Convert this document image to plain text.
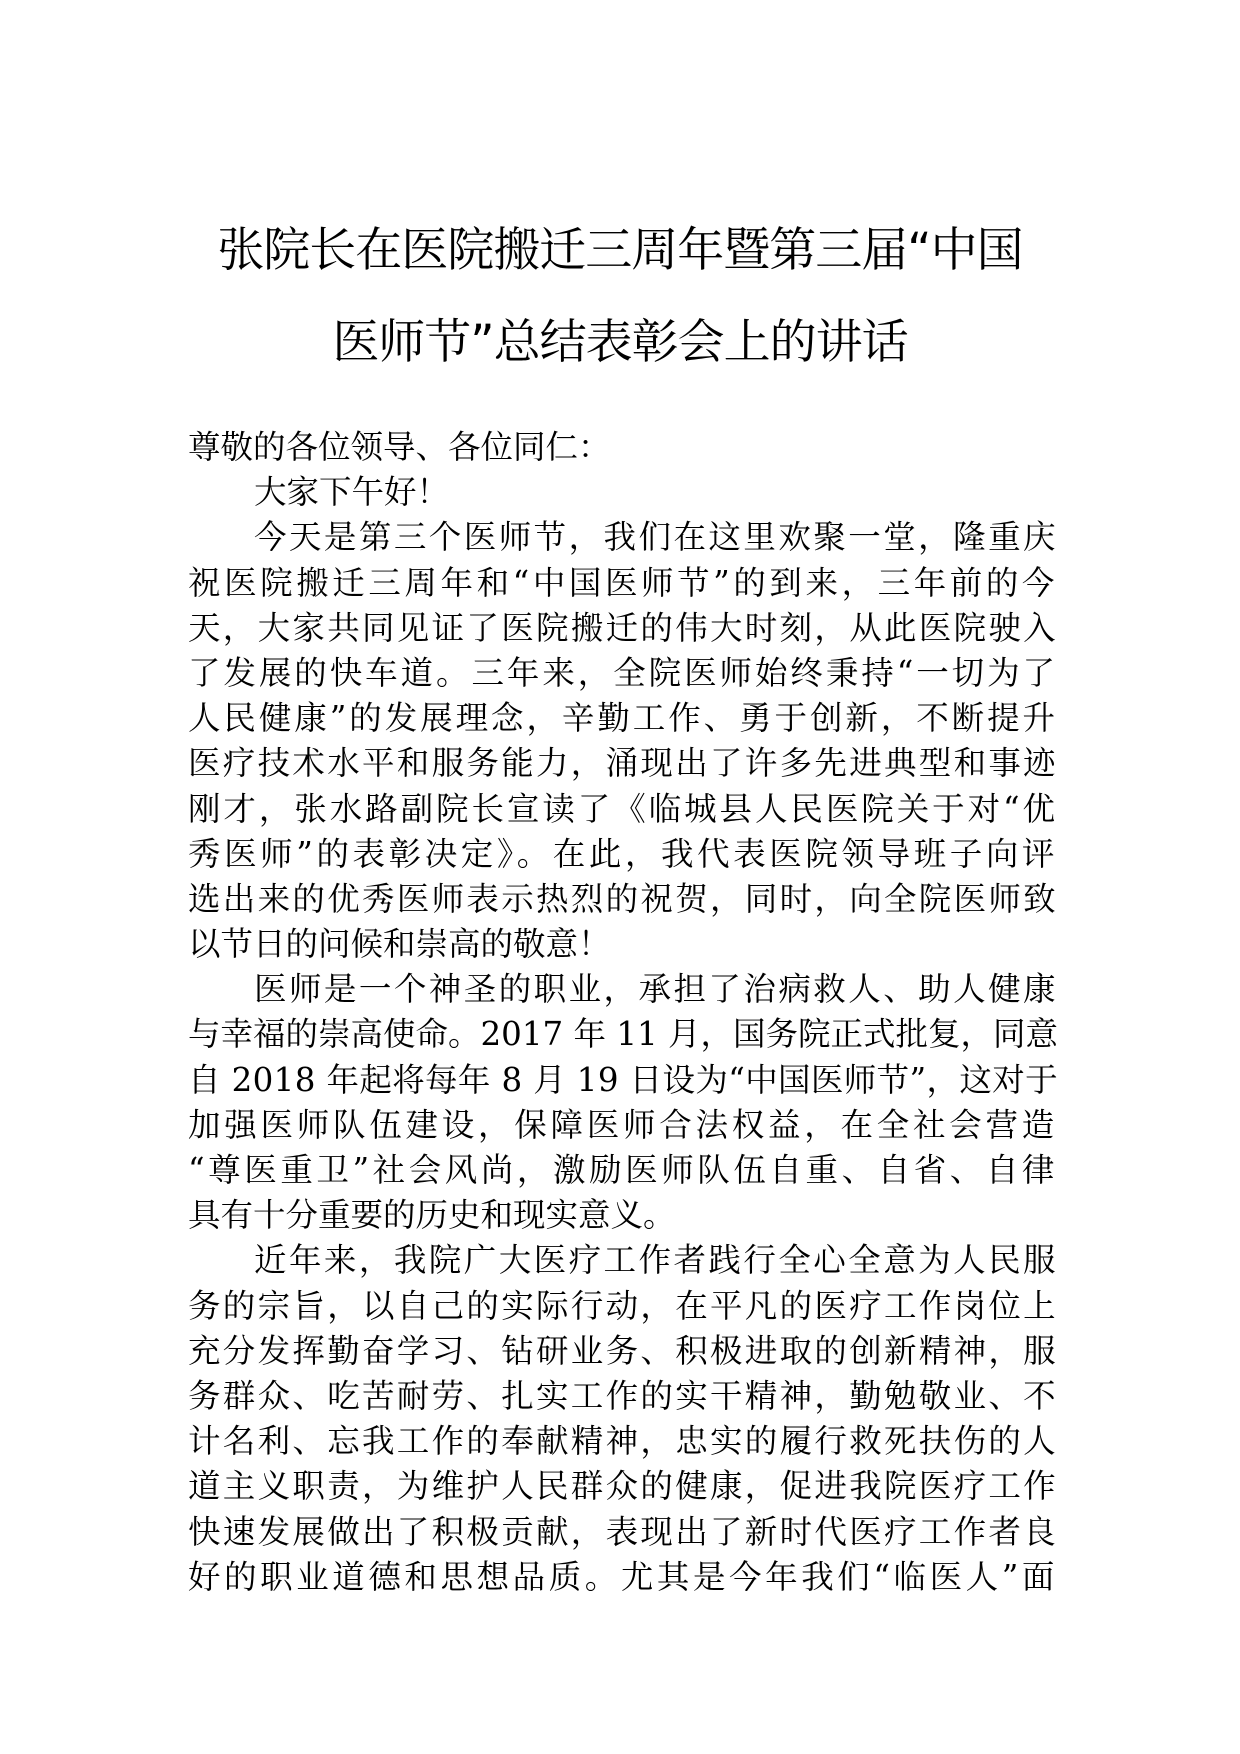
张院长在医院搬迁三周年暨第三届“中国
医师节”总结表彰会上的讲话
尊敬的各位领导、各位同仁：
大家下午好！
今天是第三个医师节，我们在这里欢聚一堂，隆重庆
祝医院搬迁三周年和“中国医师节”的到来，三年前的今
天，大家共同见证了医院搬迁的伟大时刻，从此医院驶入
了发展的快车道。三年来，全院医师始终秉持“一切为了
人民健康”的发展理念，辛勤工作、勇于创新，不断提升
医疗技术水平和服务能力，涌现出了许多先进典型和事迹
刚才，张水路副院长宣读了《临城县人民医院关于对“优
秀医师”的表彰决定》。在此，我代表医院领导班子向评
选出来的优秀医师表示热烈的祝贺，同时，向全院医师致
以节日的问候和崇高的敬意！
医师是一个神圣的职业，承担了治病救人、助人健康
与幸福的崇高使命。2017 年 11 月，国务院正式批复，同意
自 2018 年起将每年 8 月 19 日设为“中国医师节”，这对于
加强医师队伍建设，保障医师合法权益，在全社会营造
“尊医重卫”社会风尚，激励医师队伍自重、自省、自律
具有十分重要的历史和现实意义。
近年来，我院广大医疗工作者践行全心全意为人民服
务的宗旨，以自己的实际行动，在平凡的医疗工作岗位上
充分发挥勤奋学习、钻研业务、积极进取的创新精神，服
务群众、吃苦耐劳、扎实工作的实干精神，勤勉敬业、不
计名利、忘我工作的奉献精神，忠实的履行救死扶伤的人
道主义职责，为维护人民群众的健康，促进我院医疗工作
快速发展做出了积极贡献，表现出了新时代医疗工作者良
好的职业道德和思想品质。尤其是今年我们“临医人”面
